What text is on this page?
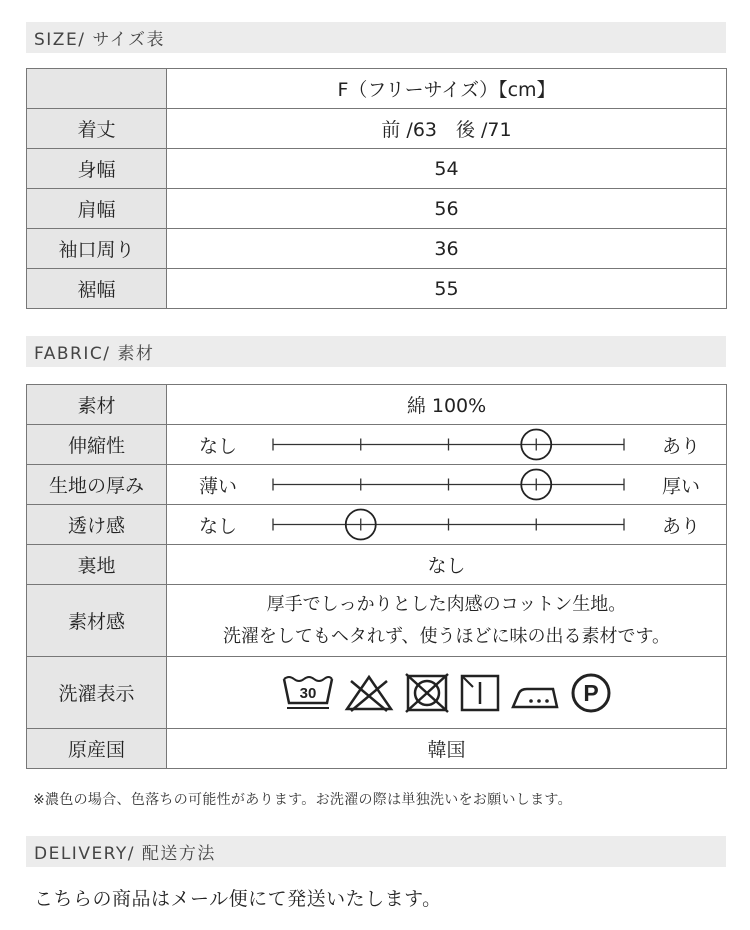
SIZE/ サイズ表
	F（フリーサイズ）【cm】
着丈	前 /63　後 /71
身幅	54
肩幅	56
袖口周り	36
裾幅	55
FABRIC/ 素材
素材	綿 100%
伸縮性	なし あり

生地の厚み	薄い 厚い

透け感	なし あり

裏地	なし
素材感	厚手でしっかりとした肉感のコットン生地。
洗濯をしてもヘタれず、使うほどに味の出る素材です。

洗濯表示	30 P

原産国	韓国
※濃色の場合、色落ちの可能性があります。お洗濯の際は単独洗いをお願いします。
DELIVERY/ 配送方法
こちらの商品はメール便にて発送いたします。
